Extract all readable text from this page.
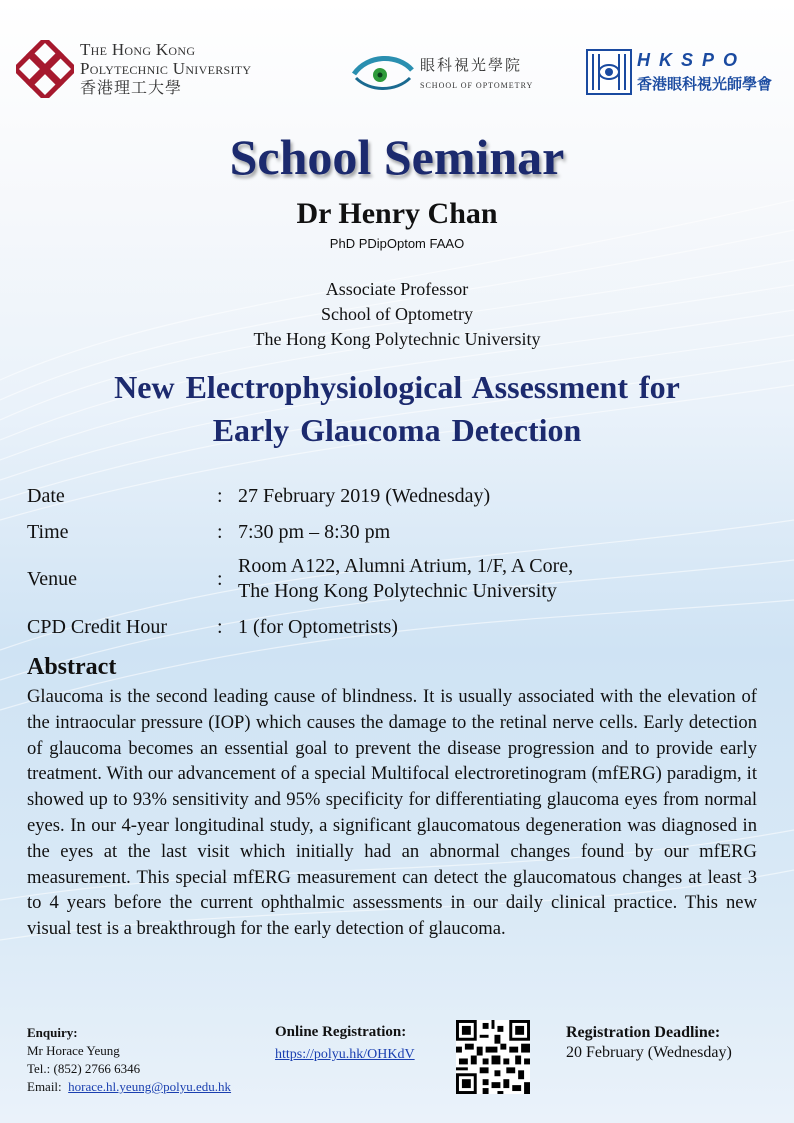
The Hong Kong
Polytechnic University
香港理工大學
眼科視光學院
SCHOOL OF OPTOMETRY
HKSPO
香港眼科視光師學會
School Seminar
Dr Henry Chan
PhD PDipOptom FAAO
Associate Professor
School of Optometry
The Hong Kong Polytechnic University
New Electrophysiological Assessment for
Early Glaucoma Detection
Date	: 27 February 2019 (Wednesday)
Time	: 7:30 pm – 8:30 pm
Venue	:
Room A122, Alumni Atrium, 1/F, A Core,
The Hong Kong Polytechnic University
CPD Credit Hour	: 1 (for Optometrists)
Abstract
Glaucoma is the second leading cause of blindness. It is usually associated with the elevation of the intraocular pressure (IOP) which causes the damage to the retinal nerve cells. Early detection of glaucoma becomes an essential goal to prevent the disease progression and to provide early treatment. With our advancement of a special Multifocal electroretinogram (mfERG) paradigm, it showed up to 93% sensitivity and 95% specificity for differentiating glaucoma eyes from normal eyes. In our 4-year longitudinal study, a significant glaucomatous degeneration was diagnosed in the eyes at the last visit which initially had an abnormal changes found by our mfERG measurement. This special mfERG measurement can detect the glaucomatous changes at least 3 to 4 years before the current ophthalmic assessments in our daily clinical practice. This new visual test is a breakthrough for the early detection of glaucoma.
Enquiry:
Mr Horace Yeung
Tel.: (852) 2766 6346
Email: horace.hl.yeung@polyu.edu.hk
Online Registration:
https://polyu.hk/OHKdV
Registration Deadline:
20 February (Wednesday)
